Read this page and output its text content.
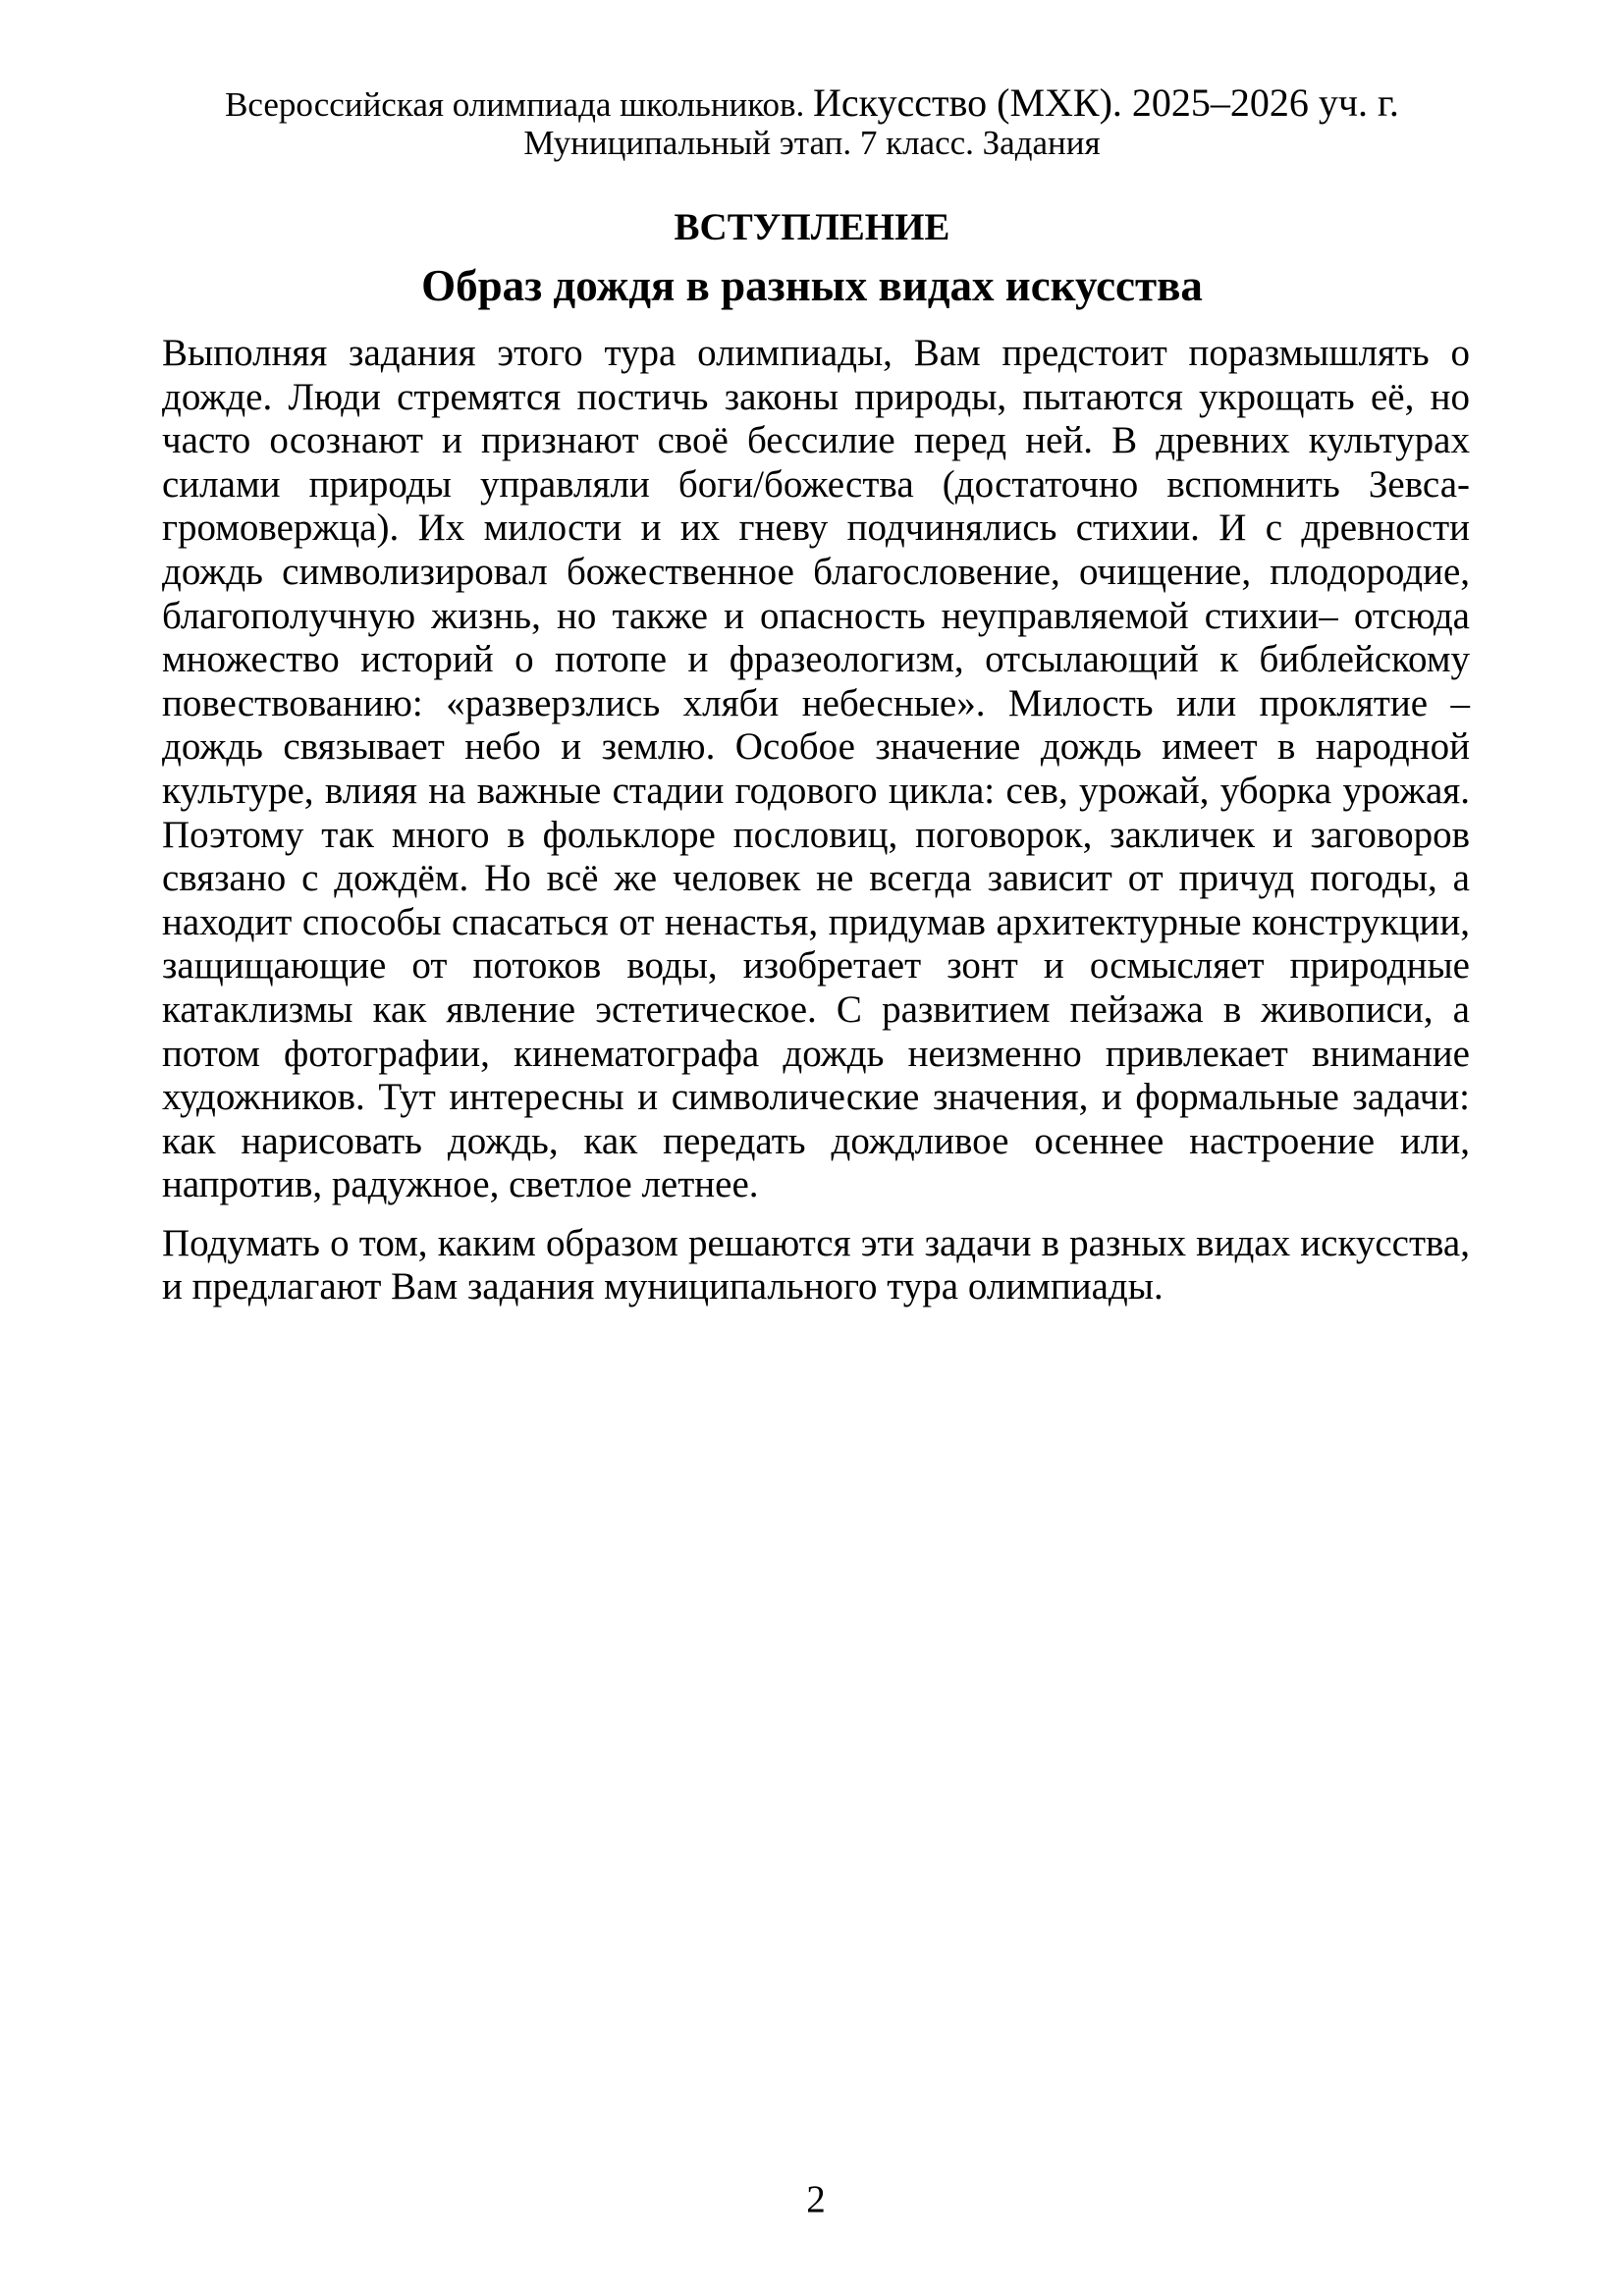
Всероссийская олимпиада школьников. Искусство (МХК). 2025–2026 уч. г.
Муниципальный этап. 7 класс. Задания
ВСТУПЛЕНИЕ
Образ дождя в разных видах искусства

Выполняя задания этого тура олимпиады, Вам предстоит поразмышлять о дожде. Люди стремятся постичь законы природы, пытаются укрощать её, но часто осознают и признают своё бессилие перед ней. В древних культурах силами природы управляли боги/божества (достаточно вспомнить Зевса-громовержца). Их милости и их гневу подчинялись стихии. И с древности дождь символизировал божественное благословение, очищение, плодородие, благополучную жизнь, но также и опасность неуправляемой стихии– отсюда множество историй о потопе и фразеологизм, отсылающий к библейскому повествованию: «разверзлись хляби небесные». Милость или проклятие – дождь связывает небо и землю. Особое значение дождь имеет в народной культуре, влияя на важные стадии годового цикла: сев, урожай, уборка урожая. Поэтому так много в фольклоре пословиц, поговорок, закличек и заговоров связано с дождём. Но всё же человек не всегда зависит от причуд погоды, а находит способы спасаться от ненастья, придумав архитектурные конструкции, защищающие от потоков воды, изобретает зонт и осмысляет природные катаклизмы как явление эстетическое. С развитием пейзажа в живописи, а потом фотографии, кинематографа дождь неизменно привлекает внимание художников. Тут интересны и символические значения, и формальные задачи: как нарисовать дождь, как передать дождливое осеннее настроение или, напротив, радужное, светлое летнее.

Подумать о том, каким образом решаются эти задачи в разных видах искусства, и предлагают Вам задания муниципального тура олимпиады.

2
